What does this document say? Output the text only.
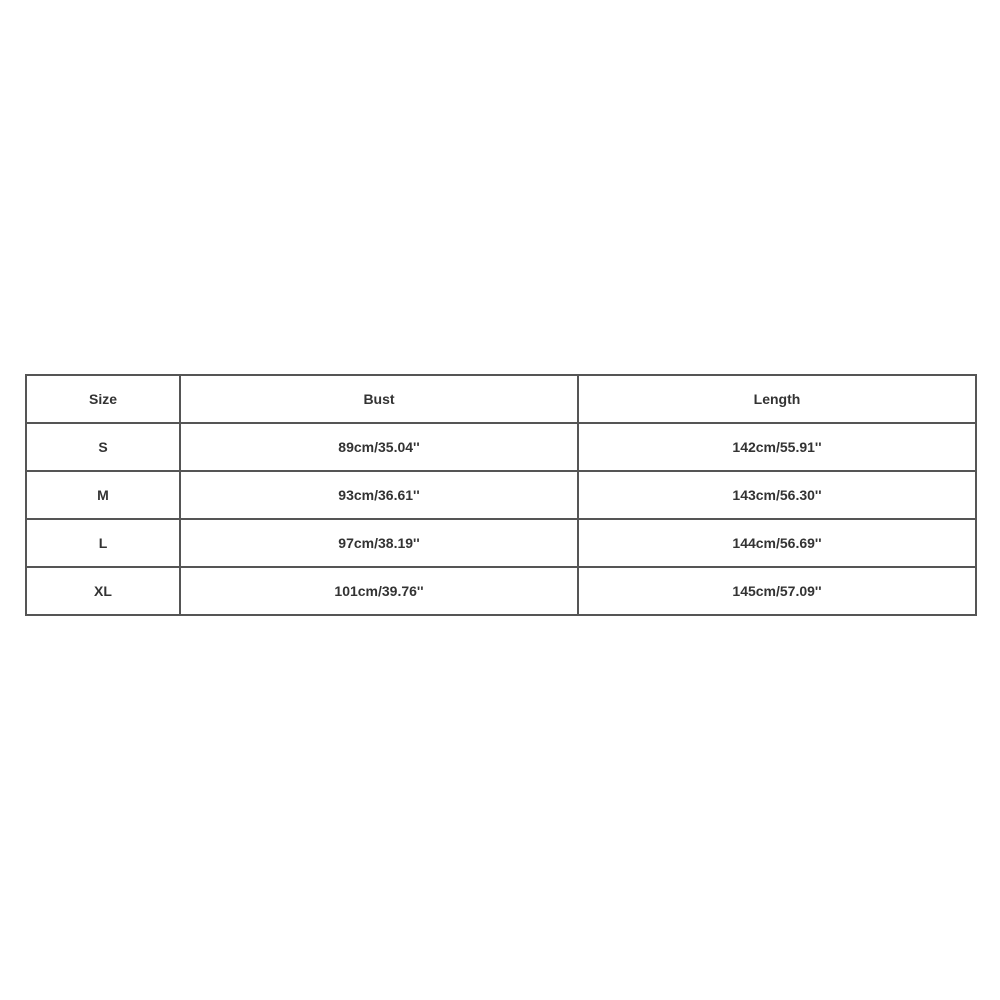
Size	Bust	Length
S	89cm/35.04''	142cm/55.91''
M	93cm/36.61''	143cm/56.30''
L	97cm/38.19''	144cm/56.69''
XL	101cm/39.76''	145cm/57.09''
